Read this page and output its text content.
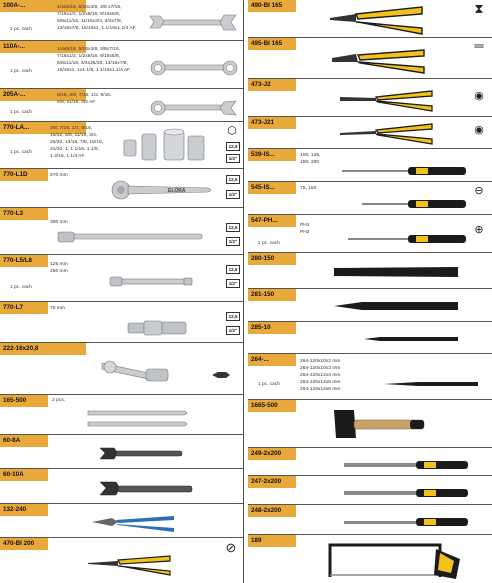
100A-...
1 pc. cach
1/4x5/16, 5/16x3/8, 3/8 x7/16,
7/16x1/2, 1/2x9/16, 9/16x5/8,
5/8x11/16, 11/16x3/4, 3/4x7/8,
13/16x7/8, 15/16x1, 1.1/16x1.1/4 AF
110A-...
1 pc. cach
1/4x5/16, 5/16x3/8, 3/8x7/16,
7/16x1/2, 1/2x9/16, 9/16x5/8,
5/8x11/16, 3/4x25/32, 13/16x7/8,
15/16x1, 1x1.1/8, 1.1/16x1.1/4 AF
205A-...
1 pc. cach
5/16, 3/8, 7/16, 1/2, 9/16,
5/8, 11/16, 3/4 AF
770-LA...
1 pc. cach
3/8, 7/16, 1/2, 9/16,
19/32, 5/8, 11/16, 3/4,
25/32, 13/16, 7/8, 15/16,
31/32, 1, 1.1/16, 1.1/8,
1.3/16, 1.1/4 AF
⬡
12,5
1/2"
770-L1D	270 mm
ELORA
12,5
1/2"
770-L3
300 mm
12,5
1/2"
770-L5/L6
1 pc. cach
125 mm
250 mm	12,5
1/2"
770-L7	75 mm
12,5
1/2"
222-16x20,8
165-500	2 pcs.
60-8A
60-10A
132-240
470-BI 200	⊘
490-BI 165	⧗
495-BI 165	═
473-J2
◉
473-J21
◉
539-IS...	100, 125,
150, 200
545-IS...	75, 150	⊖
547-PH...
PH1
PH2
1 pc. cach
⊕
280-150
281-150
285-10
264-...
1 pc. cach
264-120x10x2 mm
264-120x10x3 mm
264-120x12x4 mm
264-120x12x5 mm
264-120x12x6 mm
1665-500
249-2x200
247-2x200
248-2x200
189
